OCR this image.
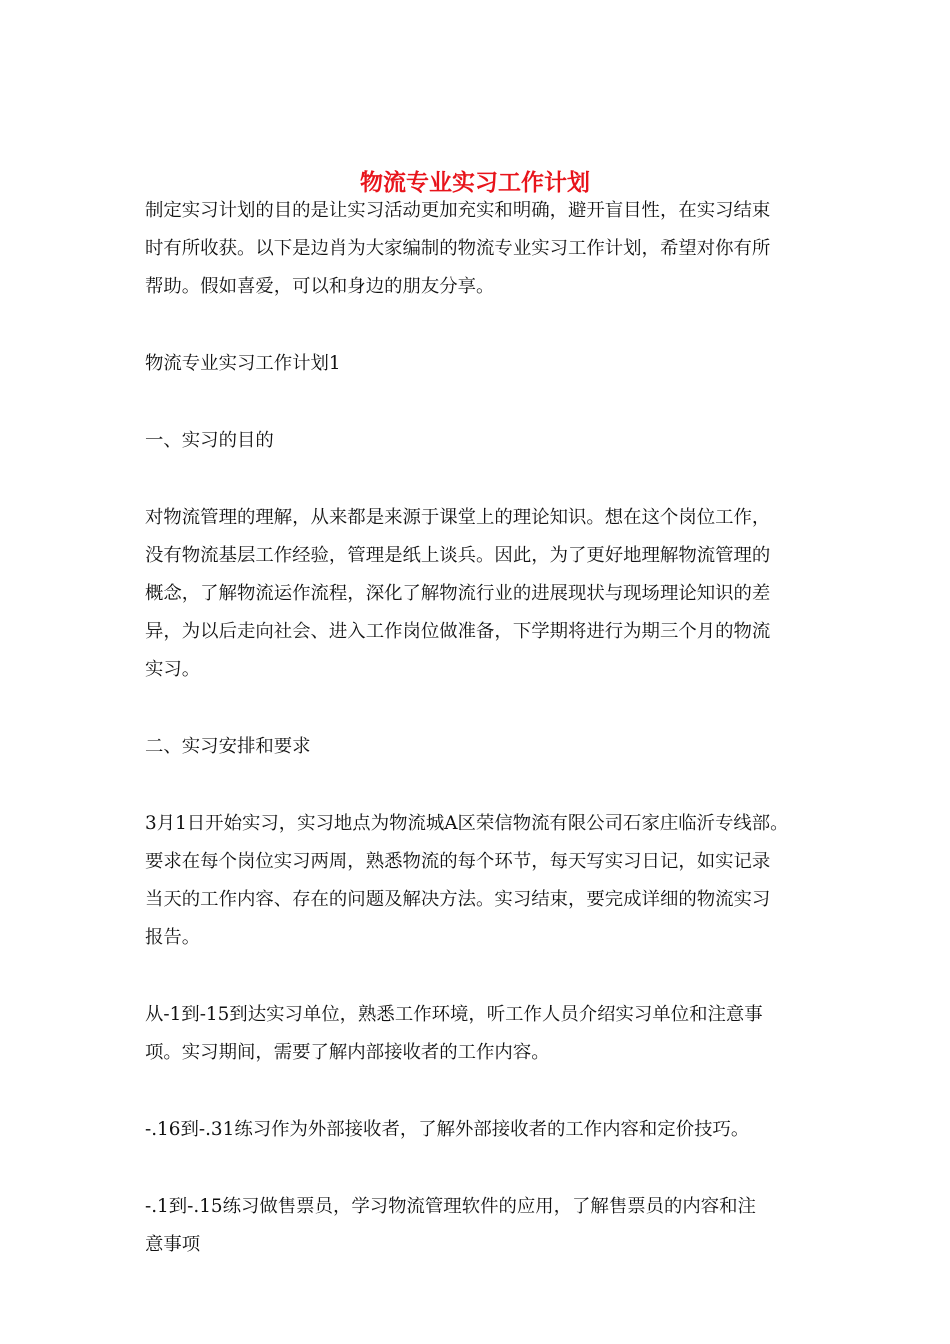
物流专业实习工作计划

制定实习计划的目的是让实习活动更加充实和明确，避开盲目性，在实习结束
时有所收获。以下是边肖为大家编制的物流专业实习工作计划，希望对你有所
帮助。假如喜爱，可以和身边的朋友分享。

物流专业实习工作计划1

一、实习的目的

对物流管理的理解，从来都是来源于课堂上的理论知识。想在这个岗位工作，
没有物流基层工作经验，管理是纸上谈兵。因此，为了更好地理解物流管理的
概念，了解物流运作流程，深化了解物流行业的进展现状与现场理论知识的差
异，为以后走向社会、进入工作岗位做准备，下学期将进行为期三个月的物流
实习。

二、实习安排和要求

3月1日开始实习，实习地点为物流城A区荣信物流有限公司石家庄临沂专线部。
要求在每个岗位实习两周，熟悉物流的每个环节，每天写实习日记，如实记录
当天的工作内容、存在的问题及解决方法。实习结束，要完成详细的物流实习
报告。

从-1到-15到达实习单位，熟悉工作环境，听工作人员介绍实习单位和注意事
项。实习期间，需要了解内部接收者的工作内容。

-.16到-.31练习作为外部接收者，了解外部接收者的工作内容和定价技巧。

-.1到-.15练习做售票员，学习物流管理软件的应用，了解售票员的内容和注
意事项
